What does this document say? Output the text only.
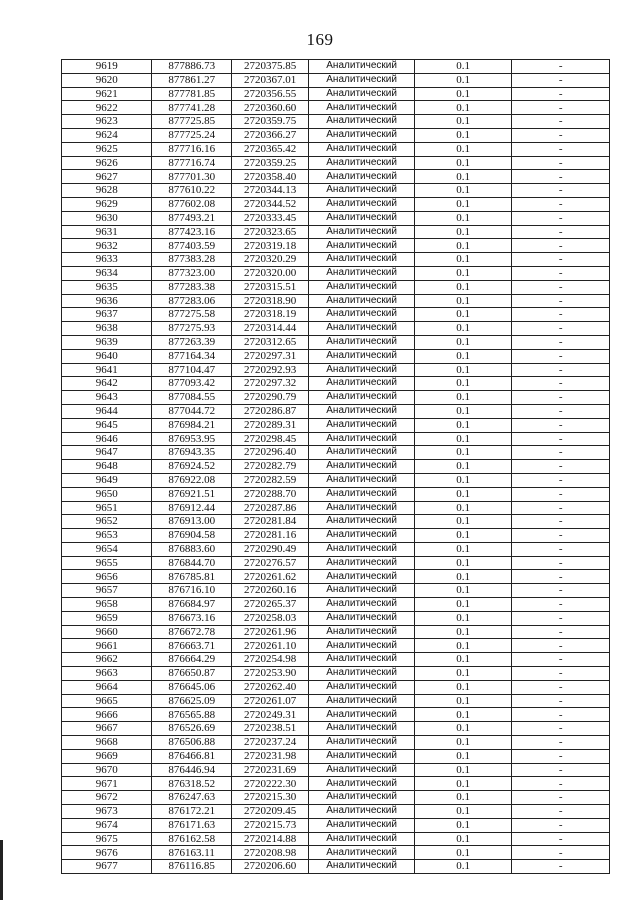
169
9619	877886.73	2720375.85	Аналитический	0.1	-
9620	877861.27	2720367.01	Аналитический	0.1	-
9621	877781.85	2720356.55	Аналитический	0.1	-
9622	877741.28	2720360.60	Аналитический	0.1	-
9623	877725.85	2720359.75	Аналитический	0.1	-
9624	877725.24	2720366.27	Аналитический	0.1	-
9625	877716.16	2720365.42	Аналитический	0.1	-
9626	877716.74	2720359.25	Аналитический	0.1	-
9627	877701.30	2720358.40	Аналитический	0.1	-
9628	877610.22	2720344.13	Аналитический	0.1	-
9629	877602.08	2720344.52	Аналитический	0.1	-
9630	877493.21	2720333.45	Аналитический	0.1	-
9631	877423.16	2720323.65	Аналитический	0.1	-
9632	877403.59	2720319.18	Аналитический	0.1	-
9633	877383.28	2720320.29	Аналитический	0.1	-
9634	877323.00	2720320.00	Аналитический	0.1	-
9635	877283.38	2720315.51	Аналитический	0.1	-
9636	877283.06	2720318.90	Аналитический	0.1	-
9637	877275.58	2720318.19	Аналитический	0.1	-
9638	877275.93	2720314.44	Аналитический	0.1	-
9639	877263.39	2720312.65	Аналитический	0.1	-
9640	877164.34	2720297.31	Аналитический	0.1	-
9641	877104.47	2720292.93	Аналитический	0.1	-
9642	877093.42	2720297.32	Аналитический	0.1	-
9643	877084.55	2720290.79	Аналитический	0.1	-
9644	877044.72	2720286.87	Аналитический	0.1	-
9645	876984.21	2720289.31	Аналитический	0.1	-
9646	876953.95	2720298.45	Аналитический	0.1	-
9647	876943.35	2720296.40	Аналитический	0.1	-
9648	876924.52	2720282.79	Аналитический	0.1	-
9649	876922.08	2720282.59	Аналитический	0.1	-
9650	876921.51	2720288.70	Аналитический	0.1	-
9651	876912.44	2720287.86	Аналитический	0.1	-
9652	876913.00	2720281.84	Аналитический	0.1	-
9653	876904.58	2720281.16	Аналитический	0.1	-
9654	876883.60	2720290.49	Аналитический	0.1	-
9655	876844.70	2720276.57	Аналитический	0.1	-
9656	876785.81	2720261.62	Аналитический	0.1	-
9657	876716.10	2720260.16	Аналитический	0.1	-
9658	876684.97	2720265.37	Аналитический	0.1	-
9659	876673.16	2720258.03	Аналитический	0.1	-
9660	876672.78	2720261.96	Аналитический	0.1	-
9661	876663.71	2720261.10	Аналитический	0.1	-
9662	876664.29	2720254.98	Аналитический	0.1	-
9663	876650.87	2720253.90	Аналитический	0.1	-
9664	876645.06	2720262.40	Аналитический	0.1	-
9665	876625.09	2720261.07	Аналитический	0.1	-
9666	876565.88	2720249.31	Аналитический	0.1	-
9667	876526.69	2720238.51	Аналитический	0.1	-
9668	876506.88	2720237.24	Аналитический	0.1	-
9669	876466.81	2720231.98	Аналитический	0.1	-
9670	876446.94	2720231.69	Аналитический	0.1	-
9671	876318.52	2720222.30	Аналитический	0.1	-
9672	876247.63	2720215.30	Аналитический	0.1	-
9673	876172.21	2720209.45	Аналитический	0.1	-
9674	876171.63	2720215.73	Аналитический	0.1	-
9675	876162.58	2720214.88	Аналитический	0.1	-
9676	876163.11	2720208.98	Аналитический	0.1	-
9677	876116.85	2720206.60	Аналитический	0.1	-
